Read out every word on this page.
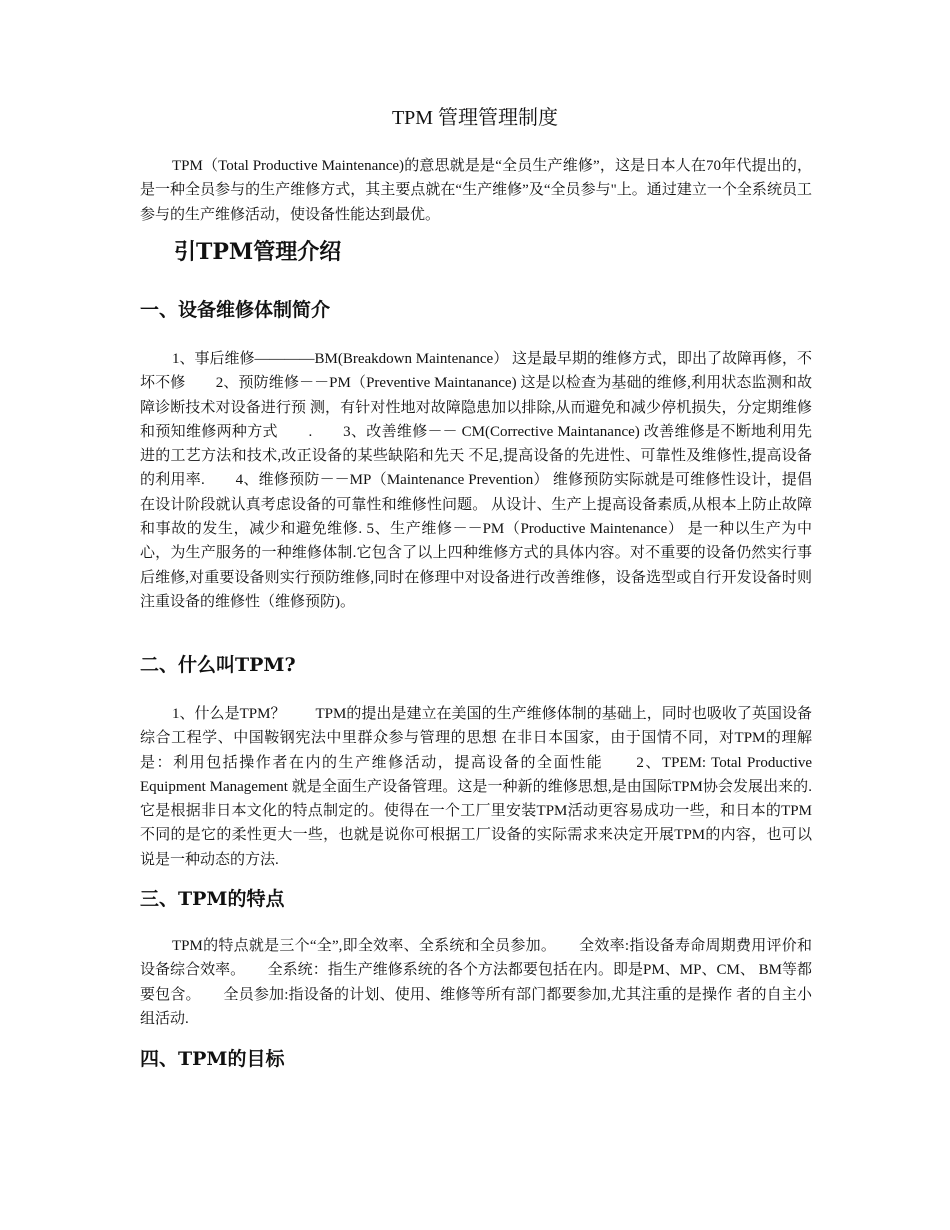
TPM 管理管理制度

TPM（Total Productive Maintenance)的意思就是是“全员生产维修”，这是日本人在70年代提出的，是一种全员参与的生产维修方式，其主要点就在“生产维修”及“全员参与"上。通过建立一个全系统员工参与的生产维修活动，使设备性能达到最优。

引TPM管理介绍
一、设备维修体制简介

1、事后维修————BM(Breakdown Maintenance） 这是最早期的维修方式，即出了故障再修，不坏不修　　2、预防维修－－PM（Preventive Maintanance) 这是以检查为基础的维修,利用状态监测和故障诊断技术对设备进行预 测，有针对性地对故障隐患加以排除,从而避免和减少停机损失，分定期维修和预知维修两种方式　　.　　3、改善维修－－ CM(Corrective Maintanance) 改善维修是不断地利用先进的工艺方法和技术,改正设备的某些缺陷和先天 不足,提高设备的先进性、可靠性及维修性,提高设备的利用率.　　4、维修预防－－MP（Maintenance Prevention） 维修预防实际就是可维修性设计，提倡在设计阶段就认真考虑设备的可靠性和维修性问题。 从设计、生产上提高设备素质,从根本上防止故障和事故的发生，减少和避免维修. 5、生产维修－－PM（Productive Maintenance） 是一种以生产为中心，为生产服务的一种维修体制.它包含了以上四种维修方式的具体内容。对不重要的设备仍然实行事后维修,对重要设备则实行预防维修,同时在修理中对设备进行改善维修，设备选型或自行开发设备时则注重设备的维修性（维修预防)。

二、什么叫TPM?

1、什么是TPM？　　TPM的提出是建立在美国的生产维修体制的基础上，同时也吸收了英国设备综合工程学、中国鞍钢宪法中里群众参与管理的思想 在非日本国家，由于国情不同，对TPM的理解是：利用包括操作者在内的生产维修活动，提高设备的全面性能　　2、TPEM: Total Productive Equipment Management 就是全面生产设备管理。这是一种新的维修思想,是由国际TPM协会发展出来的.它是根据非日本文化的特点制定的。使得在一个工厂里安装TPM活动更容易成功一些，和日本的TPM不同的是它的柔性更大一些，也就是说你可根据工厂设备的实际需求来决定开展TPM的内容，也可以说是一种动态的方法.

三、TPM的特点

TPM的特点就是三个“全”,即全效率、全系统和全员参加。　　全效率:指设备寿命周期费用评价和设备综合效率。　　全系统：指生产维修系统的各个方法都要包括在内。即是PM、MP、CM、 BM等都要包含。　　全员参加:指设备的计划、使用、维修等所有部门都要参加,尤其注重的是操作 者的自主小组活动.

四、TPM的目标
